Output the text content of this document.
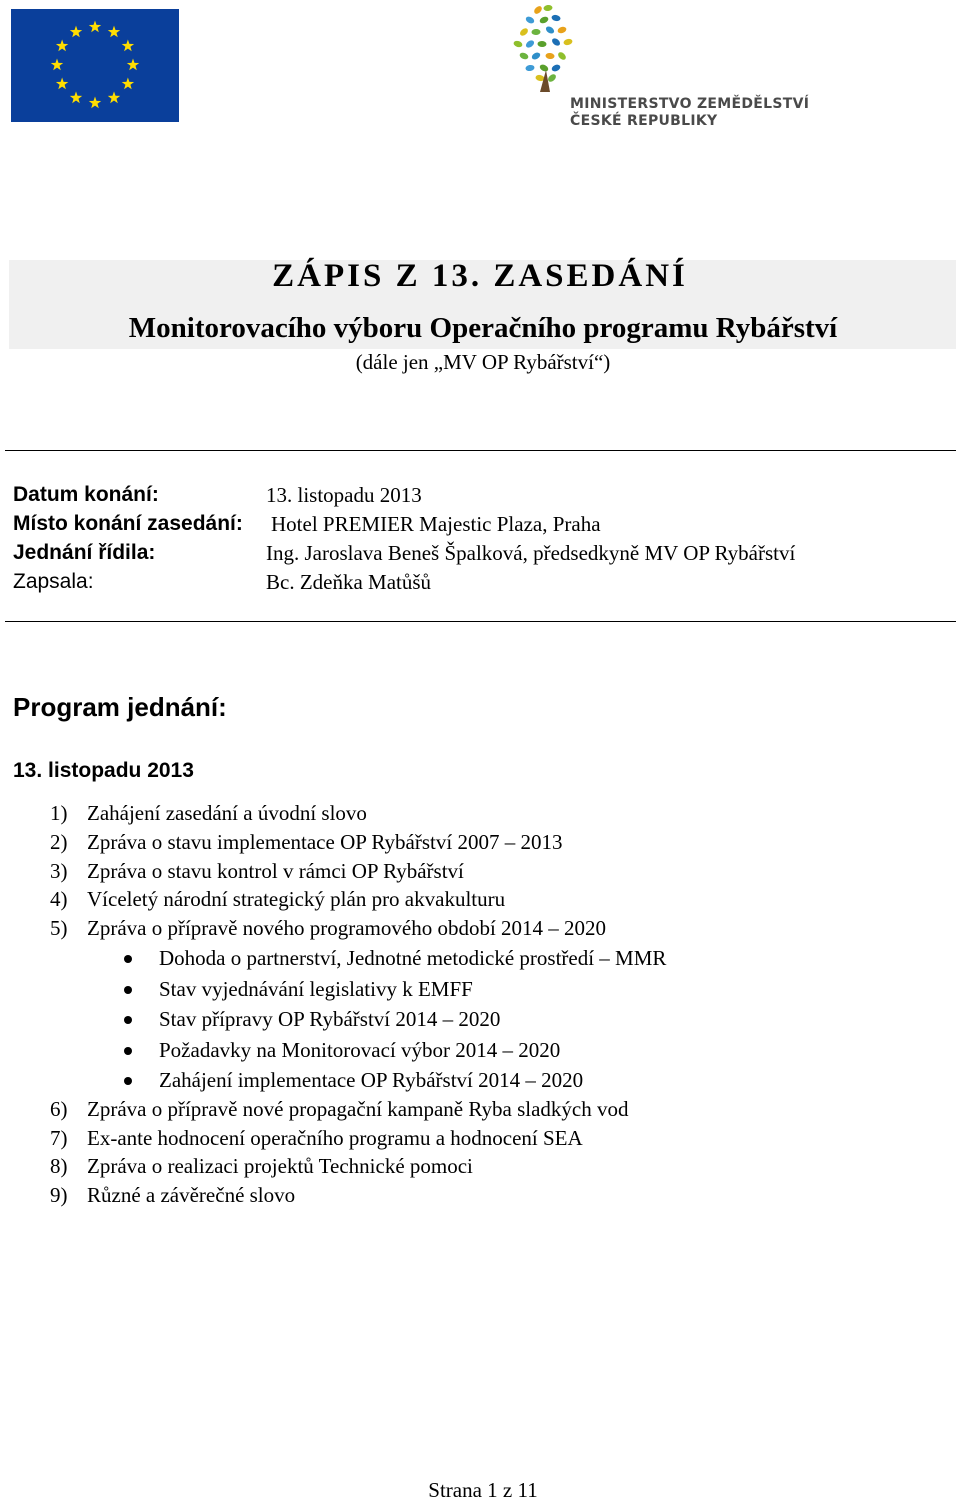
MINISTERSTVO ZEMĚDĚLSTVÍ
ČESKÉ REPUBLIKY
ZÁPIS Z 13. ZASEDÁNÍ
Monitorovacího výboru Operačního programu Rybářství
(dále jen „MV OP Rybářství“)
Datum konání:	13. listopadu 2013
Místo konání zasedání: Hotel PREMIER Majestic Plaza, Praha
Jednání řídila:	Ing. Jaroslava Beneš Špalková, předsedkyně MV OP Rybářství
Zapsala:	Bc. Zdeňka Matůšů
Program jednání:
13. listopadu 2013
1) Zahájení zasedání a úvodní slovo
2) Zpráva o stavu implementace OP Rybářství 2007 – 2013
3) Zpráva o stavu kontrol v rámci OP Rybářství
4) Víceletý národní strategický plán pro akvakulturu
5) Zpráva o přípravě nového programového období 2014 – 2020
Dohoda o partnerství, Jednotné metodické prostředí – MMR
Stav vyjednávání legislativy k EMFF
Stav přípravy OP Rybářství 2014 – 2020
Požadavky na Monitorovací výbor 2014 – 2020
Zahájení implementace OP Rybářství 2014 – 2020
6) Zpráva o přípravě nové propagační kampaně Ryba sladkých vod
7) Ex-ante hodnocení operačního programu a hodnocení SEA
8) Zpráva o realizaci projektů Technické pomoci
9) Různé a závěrečné slovo
Strana 1 z 11
